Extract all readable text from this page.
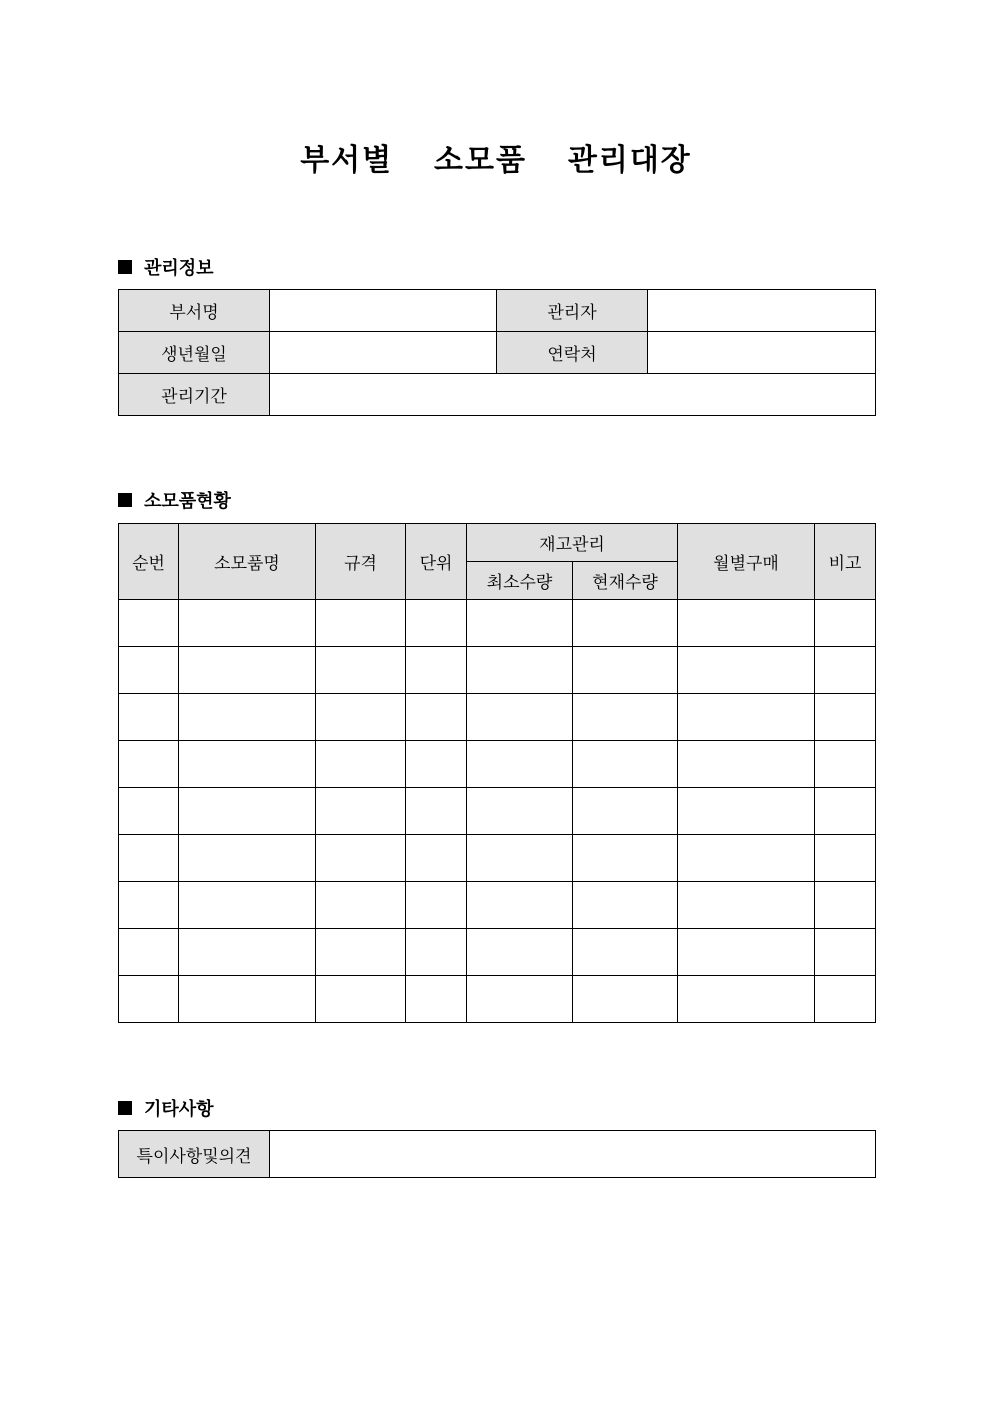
부서별  소모품  관리대장
관리정보
부서명		관리자	
생년월일		연락처	
관리기간			
소모품현황
순번	소모품명	규격	단위	재고관리		월별구매	비고
				최소수량	현재수량		

기타사항
특이사항및의견	
